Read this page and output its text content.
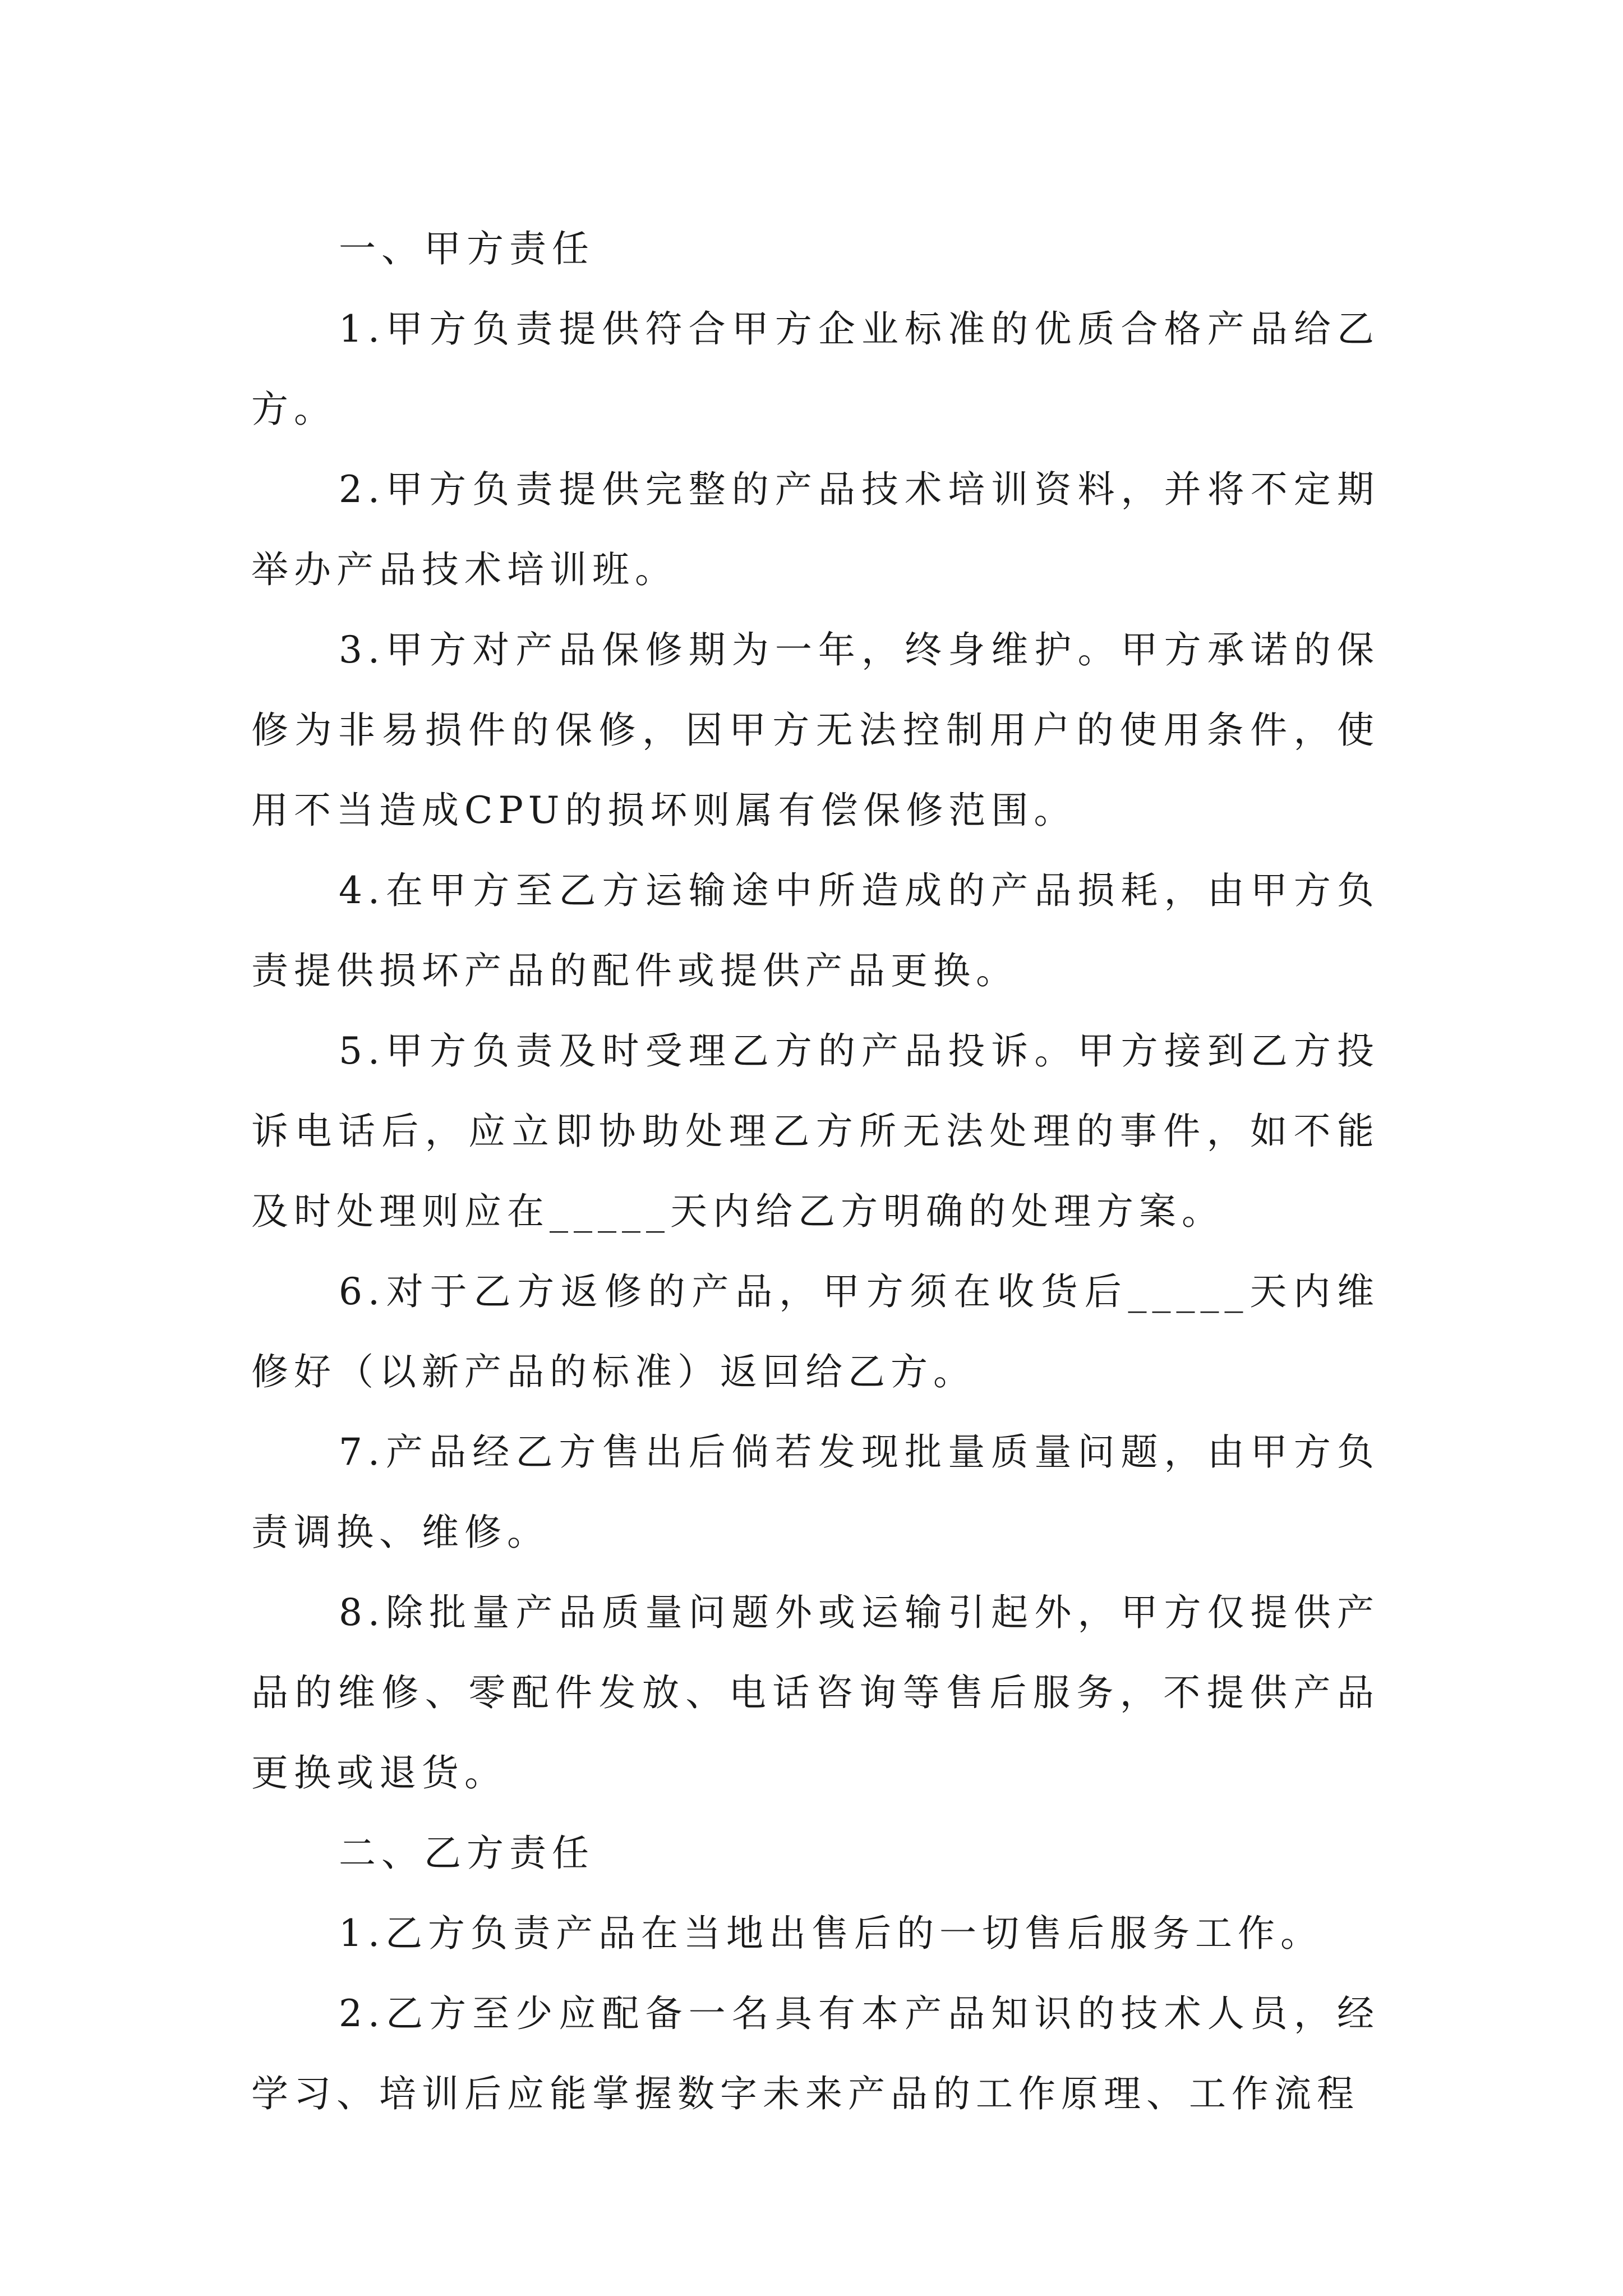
一、甲方责任

1.甲方负责提供符合甲方企业标准的优质合格产品给乙方。

2.甲方负责提供完整的产品技术培训资料，并将不定期举办产品技术培训班。

3.甲方对产品保修期为一年，终身维护。甲方承诺的保修为非易损件的保修，因甲方无法控制用户的使用条件，使用不当造成CPU的损坏则属有偿保修范围。

4.在甲方至乙方运输途中所造成的产品损耗，由甲方负责提供损坏产品的配件或提供产品更换。

5.甲方负责及时受理乙方的产品投诉。甲方接到乙方投诉电话后，应立即协助处理乙方所无法处理的事件，如不能及时处理则应在_____天内给乙方明确的处理方案。

6.对于乙方返修的产品，甲方须在收货后_____天内维修好（以新产品的标准）返回给乙方。

7.产品经乙方售出后倘若发现批量质量问题，由甲方负责调换、维修。

8.除批量产品质量问题外或运输引起外，甲方仅提供产品的维修、零配件发放、电话咨询等售后服务，不提供产品更换或退货。

二、乙方责任

1.乙方负责产品在当地出售后的一切售后服务工作。

2.乙方至少应配备一名具有本产品知识的技术人员，经学习、培训后应能掌握数字未来产品的工作原理、工作流程
